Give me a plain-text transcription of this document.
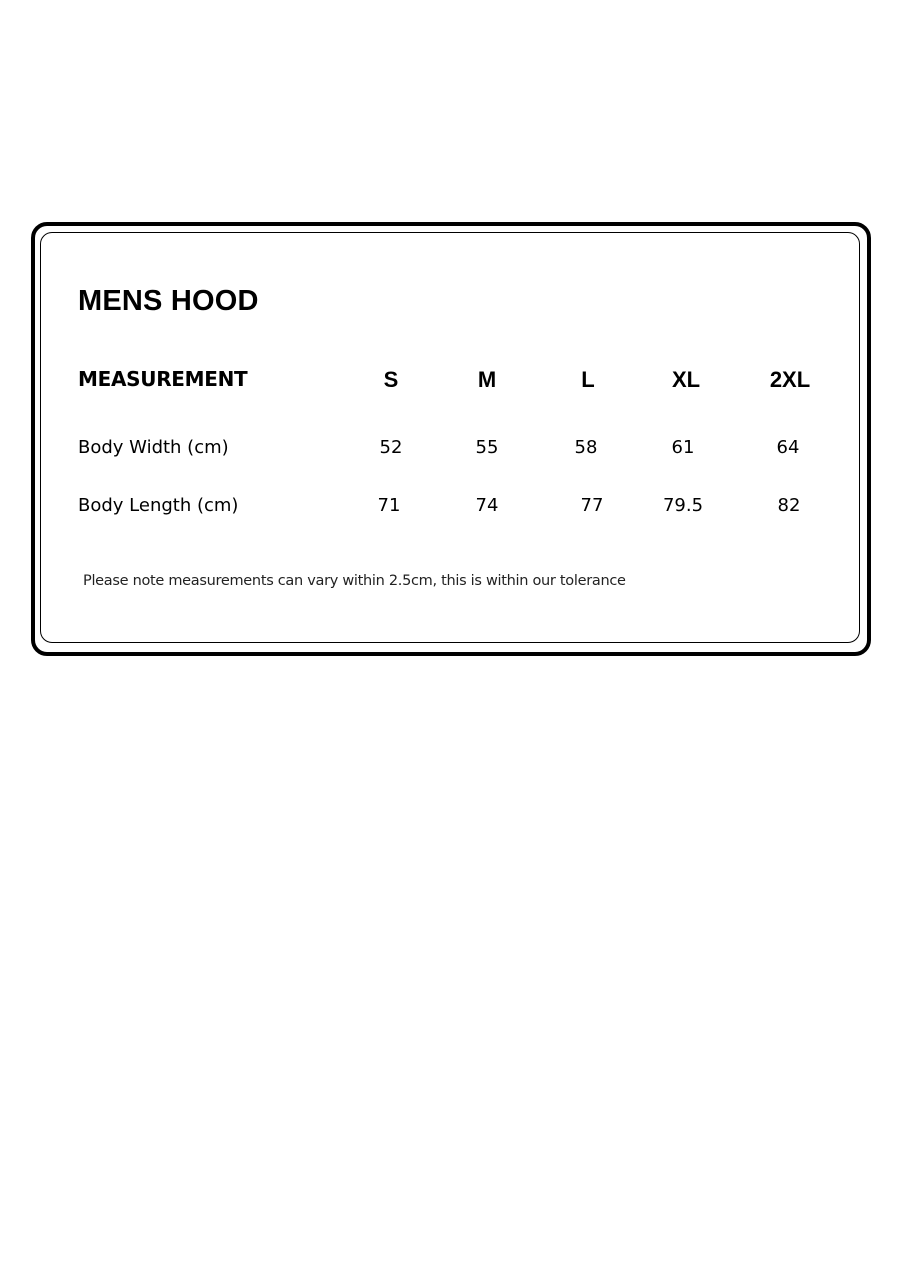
MENS HOOD
MEASUREMENT	S	M	L	XL	2XL
Body Width (cm)	52	55	58	61	64
Body Length (cm)	71	74	77	79.5	82
Please note measurements can vary within 2.5cm, this is within our tolerance
